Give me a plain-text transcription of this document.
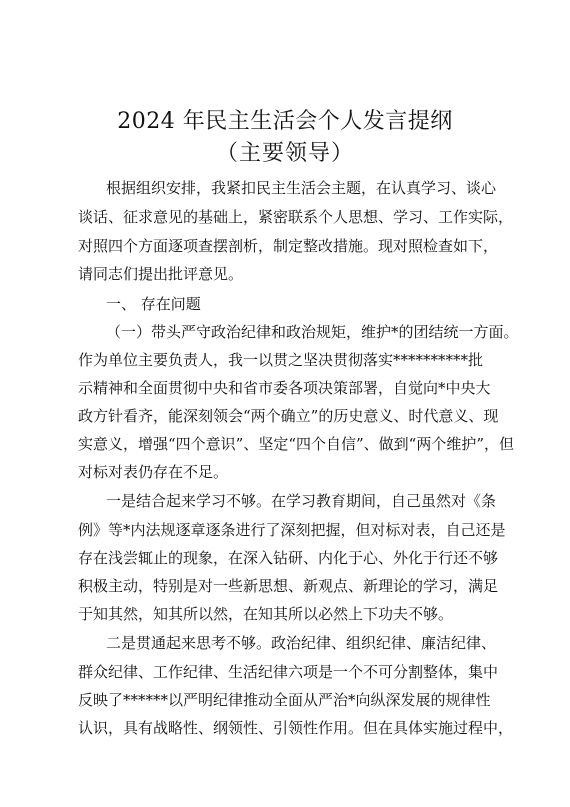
2024 年民主生活会个人发言提纲
（主要领导）
根据组织安排，我紧扣民主生活会主题，在认真学习、谈心
谈话、征求意见的基础上，紧密联系个人思想、学习、工作实际，
对照四个方面逐项查摆剖析，制定整改措施。现对照检查如下，
请同志们提出批评意见。
一、 存在问题
（一）带头严守政治纪律和政治规矩，维护*的团结统一方面。
作为单位主要负责人，我一以贯之坚决贯彻落实**********批
示精神和全面贯彻中央和省市委各项决策部署，自觉向*中央大
政方针看齐，能深刻领会“两个确立”的历史意义、时代意义、现
实意义，增强“四个意识”、坚定“四个自信”、做到“两个维护”，但
对标对表仍存在不足。
一是结合起来学习不够。在学习教育期间，自己虽然对《条
例》等*内法规逐章逐条进行了深刻把握，但对标对表，自己还是
存在浅尝辄止的现象，在深入钻研、内化于心、外化于行还不够
积极主动，特别是对一些新思想、新观点、新理论的学习，满足
于知其然，知其所以然，在知其所以必然上下功夫不够。
二是贯通起来思考不够。政治纪律、组织纪律、廉洁纪律、
群众纪律、工作纪律、生活纪律六项是一个不可分割整体，集中
反映了******以严明纪律推动全面从严治*向纵深发展的规律性
认识，具有战略性、纲领性、引领性作用。但在具体实施过程中，
